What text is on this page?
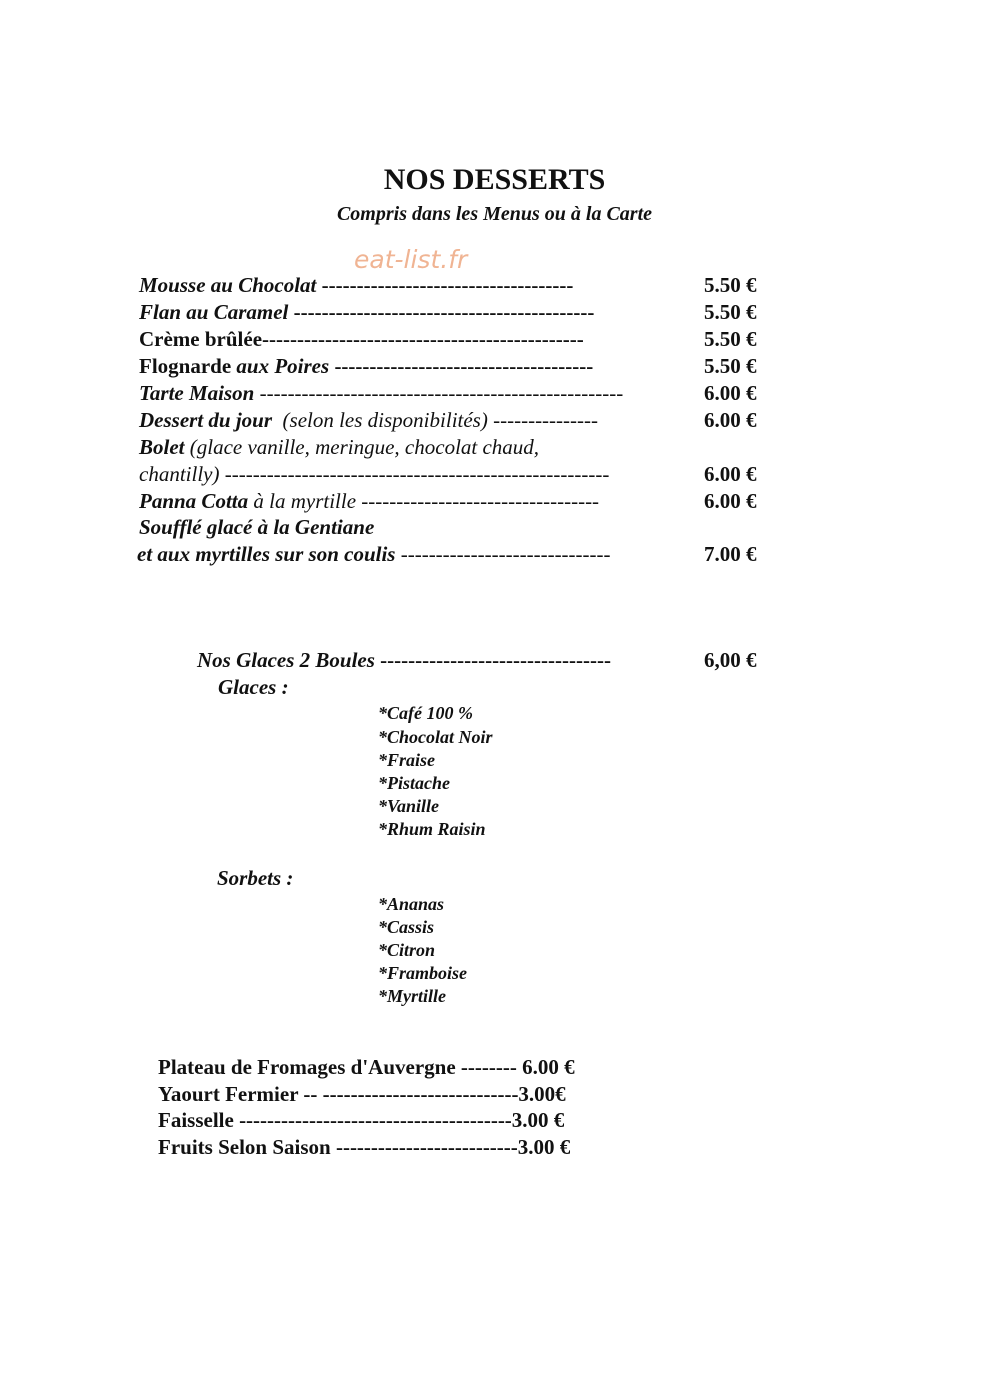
NOS DESSERTS
Compris dans les Menus ou à la Carte
eat-list.fr
Mousse au Chocolat ------------------------------------	5.50 €
Flan au Caramel -------------------------------------------	5.50 €
Crème brûlée----------------------------------------------	5.50 €
Flognarde aux Poires -------------------------------------	5.50 €
Tarte Maison ----------------------------------------------------	6.00 €
Dessert du jour  (selon les disponibilités) ---------------	6.00 €
Bolet (glace vanille, meringue, chocolat chaud,
chantilly) -------------------------------------------------------	6.00 €
Panna Cotta à la myrtille ----------------------------------	6.00 €
Soufflé glacé à la Gentiane
et aux myrtilles sur son coulis ------------------------------	7.00 €
Nos Glaces 2 Boules ---------------------------------	6,00 €
Glaces :
*Café 100 %
*Chocolat Noir
*Fraise
*Pistache
*Vanille
*Rhum Raisin
Sorbets :
*Ananas
*Cassis
*Citron
*Framboise
*Myrtille
Plateau de Fromages d'Auvergne -------- 6.00 €
Yaourt Fermier -- ----------------------------3.00€
Faisselle ---------------------------------------3.00 €
Fruits Selon Saison --------------------------3.00 €
